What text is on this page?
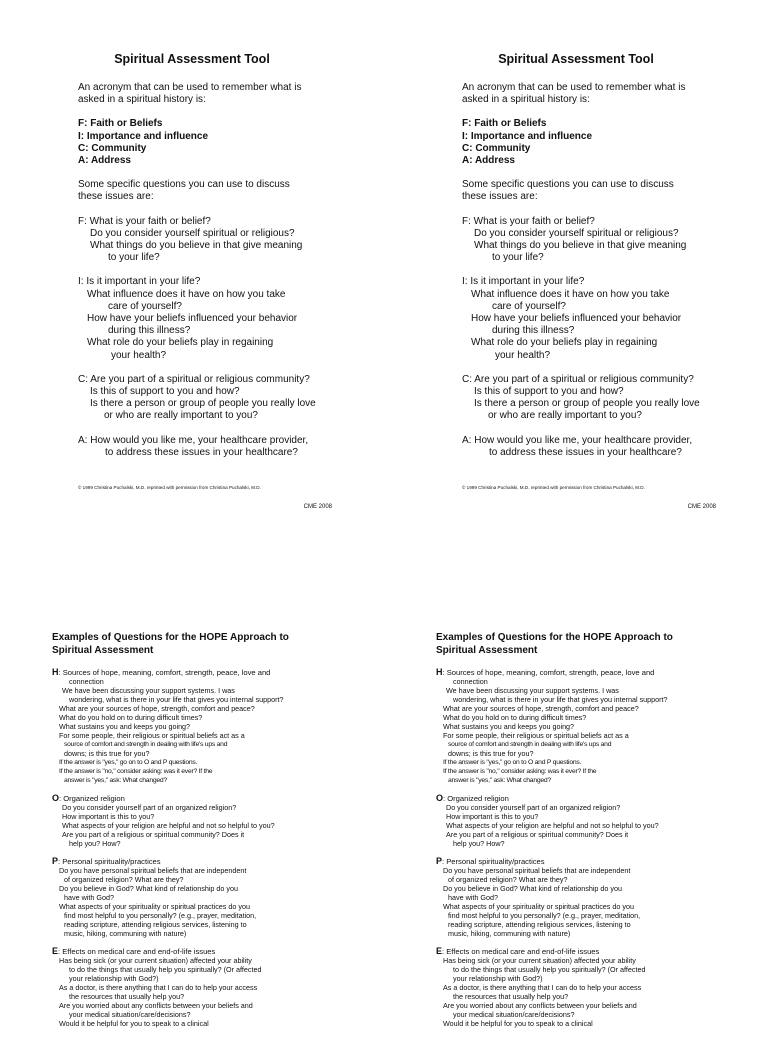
Spiritual Assessment Tool

An acronym that can be used to remember what is

asked in a spiritual history is:

F: Faith or Beliefs

I: Importance and influence

C: Community

A: Address

Some specific questions you can use to discuss

these issues are:

F: What is your faith or belief?

Do you consider yourself spiritual or religious?

What things do you believe in that give meaning

to your life?

I: Is it important in your life?

What influence does it have on how you take

care of yourself?

How have your beliefs influenced your behavior

during this illness?

What role do your beliefs play in regaining

your health?

C: Are you part of a spiritual or religious community?

Is this of support to you and how?

Is there a person or group of people you really love

or who are really important to you?

A: How would you like me, your healthcare provider,

to address these issues in your healthcare?

© 1999 Christina Puchalski, M.D. reprinted with permission from Christina Puchalski, M.D.
CME 2008
Spiritual Assessment Tool

An acronym that can be used to remember what is

asked in a spiritual history is:

F: Faith or Beliefs

I: Importance and influence

C: Community

A: Address

Some specific questions you can use to discuss

these issues are:

F: What is your faith or belief?

Do you consider yourself spiritual or religious?

What things do you believe in that give meaning

to your life?

I: Is it important in your life?

What influence does it have on how you take

care of yourself?

How have your beliefs influenced your behavior

during this illness?

What role do your beliefs play in regaining

your health?

C: Are you part of a spiritual or religious community?

Is this of support to you and how?

Is there a person or group of people you really love

or who are really important to you?

A: How would you like me, your healthcare provider,

to address these issues in your healthcare?

© 1999 Christina Puchalski, M.D. reprinted with permission from Christina Puchalski, M.D.
CME 2008
Examples of Questions for the HOPE Approach to
Spiritual Assessment

H: Sources of hope, meaning, comfort, strength, peace, love and

connection

We have been discussing your support systems. I was

wondering, what is there in your life that gives you internal support?

What are your sources of hope, strength, comfort and peace?

What do you hold on to during difficult times?

What sustains you and keeps you going?

For some people, their religious or spiritual beliefs act as a

source of comfort and strength in dealing with life's ups and

downs; is this true for you?

If the answer is "yes," go on to O and P questions.

If the answer is "no," consider asking: was it ever? If the

answer is "yes," ask: What changed?

O: Organized religion

Do you consider yourself part of an organized religion?

How important is this to you?

What aspects of your religion are helpful and not so helpful to you?

Are you part of a religious or spiritual community? Does it

help you? How?

P: Personal spirituality/practices

Do you have personal spiritual beliefs that are independent

of organized religion? What are they?

Do you believe in God? What kind of relationship do you

have with God?

What aspects of your spirituality or spiritual practices do you

find most helpful to you personally? (e.g., prayer, meditation,

reading scripture, attending religious services, listening to

music, hiking, communing with nature)

E: Effects on medical care and end-of-life issues

Has being sick (or your current situation) affected your ability

to do the things that usually help you spiritually? (Or affected

your relationship with God?)

As a doctor, is there anything that I can do to help your access

the resources that usually help you?

Are you worried about any conflicts between your beliefs and

your medical situation/care/decisions?

Would it be helpful for you to speak to a clinical

Examples of Questions for the HOPE Approach to
Spiritual Assessment

H: Sources of hope, meaning, comfort, strength, peace, love and

connection

We have been discussing your support systems. I was

wondering, what is there in your life that gives you internal support?

What are your sources of hope, strength, comfort and peace?

What do you hold on to during difficult times?

What sustains you and keeps you going?

For some people, their religious or spiritual beliefs act as a

source of comfort and strength in dealing with life's ups and

downs; is this true for you?

If the answer is "yes," go on to O and P questions.

If the answer is "no," consider asking: was it ever? If the

answer is "yes," ask: What changed?

O: Organized religion

Do you consider yourself part of an organized religion?

How important is this to you?

What aspects of your religion are helpful and not so helpful to you?

Are you part of a religious or spiritual community? Does it

help you? How?

P: Personal spirituality/practices

Do you have personal spiritual beliefs that are independent

of organized religion? What are they?

Do you believe in God? What kind of relationship do you

have with God?

What aspects of your spirituality or spiritual practices do you

find most helpful to you personally? (e.g., prayer, meditation,

reading scripture, attending religious services, listening to

music, hiking, communing with nature)

E: Effects on medical care and end-of-life issues

Has being sick (or your current situation) affected your ability

to do the things that usually help you spiritually? (Or affected

your relationship with God?)

As a doctor, is there anything that I can do to help your access

the resources that usually help you?

Are you worried about any conflicts between your beliefs and

your medical situation/care/decisions?

Would it be helpful for you to speak to a clinical
